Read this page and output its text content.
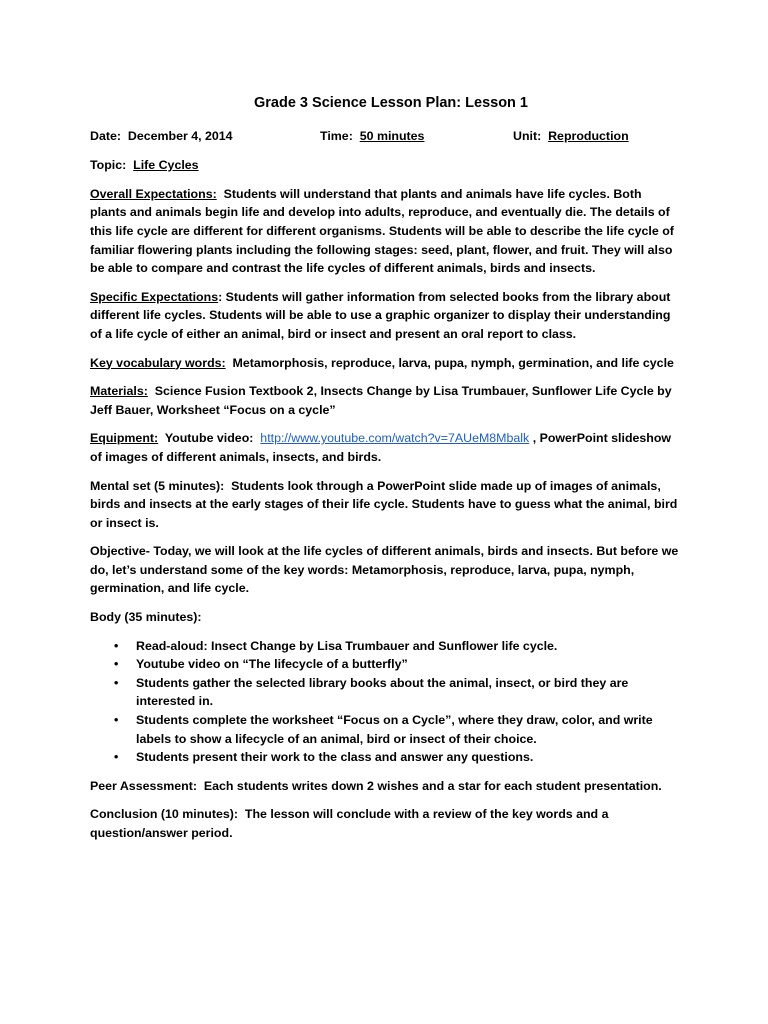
Grade 3 Science Lesson Plan: Lesson 1
Date: December 4, 2014	Time: 50 minutes	Unit: Reproduction

Topic: Life Cycles

Overall Expectations: Students will understand that plants and animals have life cycles. Both plants and animals begin life and develop into adults, reproduce, and eventually die. The details of this life cycle are different for different organisms. Students will be able to describe the life cycle of familiar flowering plants including the following stages: seed, plant, flower, and fruit. They will also be able to compare and contrast the life cycles of different animals, birds and insects.

Specific Expectations: Students will gather information from selected books from the library about different life cycles. Students will be able to use a graphic organizer to display their understanding of a life cycle of either an animal, bird or insect and present an oral report to class.

Key vocabulary words: Metamorphosis, reproduce, larva, pupa, nymph, germination, and life cycle

Materials: Science Fusion Textbook 2, Insects Change by Lisa Trumbauer, Sunflower Life Cycle by Jeff Bauer, Worksheet “Focus on a cycle”

Equipment: Youtube video: http://www.youtube.com/watch?v=7AUeM8Mbalk , PowerPoint slideshow of images of different animals, insects, and birds.

Mental set (5 minutes): Students look through a PowerPoint slide made up of images of animals, birds and insects at the early stages of their life cycle. Students have to guess what the animal, bird or insect is.

Objective- Today, we will look at the life cycles of different animals, birds and insects. But before we do, let’s understand some of the key words: Metamorphosis, reproduce, larva, pupa, nymph, germination, and life cycle.

Body (35 minutes):

• Read-aloud: Insect Change by Lisa Trumbauer and Sunflower life cycle.
• Youtube video on “The lifecycle of a butterfly”
• Students gather the selected library books about the animal, insect, or bird they are interested in.
• Students complete the worksheet “Focus on a Cycle”, where they draw, color, and write labels to show a lifecycle of an animal, bird or insect of their choice.
• Students present their work to the class and answer any questions.

Peer Assessment: Each students writes down 2 wishes and a star for each student presentation.

Conclusion (10 minutes): The lesson will conclude with a review of the key words and a question/answer period.
